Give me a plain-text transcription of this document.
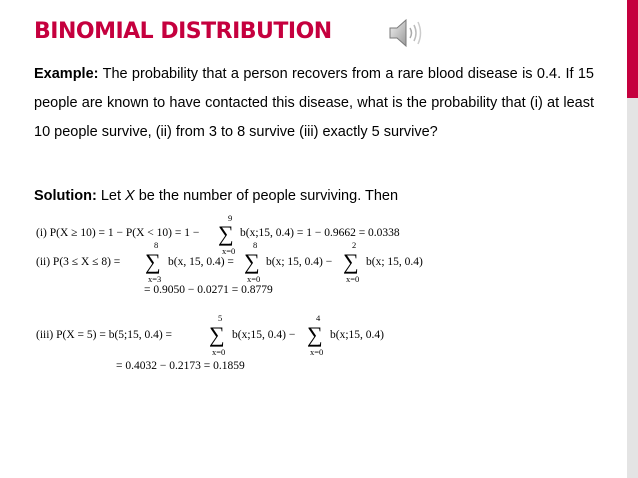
BINOMIAL DISTRIBUTION
Example: The probability that a person recovers from a rare blood disease is 0.4. If 15 people are known to have contacted this disease, what is the probability that (i) at least 10 people survive, (ii) from 3 to 8 survive (iii) exactly 5 survive?
Solution: Let X be the number of people surviving. Then
(i) P(X ≥ 10) = 1 − P(X < 10) = 1 −
9
∑
x=0
b(x;15, 0.4) = 1 − 0.9662 = 0.0338
(ii) P(3 ≤ X ≤ 8) =
8
∑
x=3
b(x, 15, 0.4) =
8
∑
x=0
b(x; 15, 0.4) −
2
∑
x=0
b(x; 15, 0.4)
= 0.9050 − 0.0271 = 0.8779
(iii) P(X = 5) = b(5;15, 0.4) =
5
∑
x=0
b(x;15, 0.4) −
4
∑
x=0
b(x;15, 0.4)
= 0.4032 − 0.2173 = 0.1859
